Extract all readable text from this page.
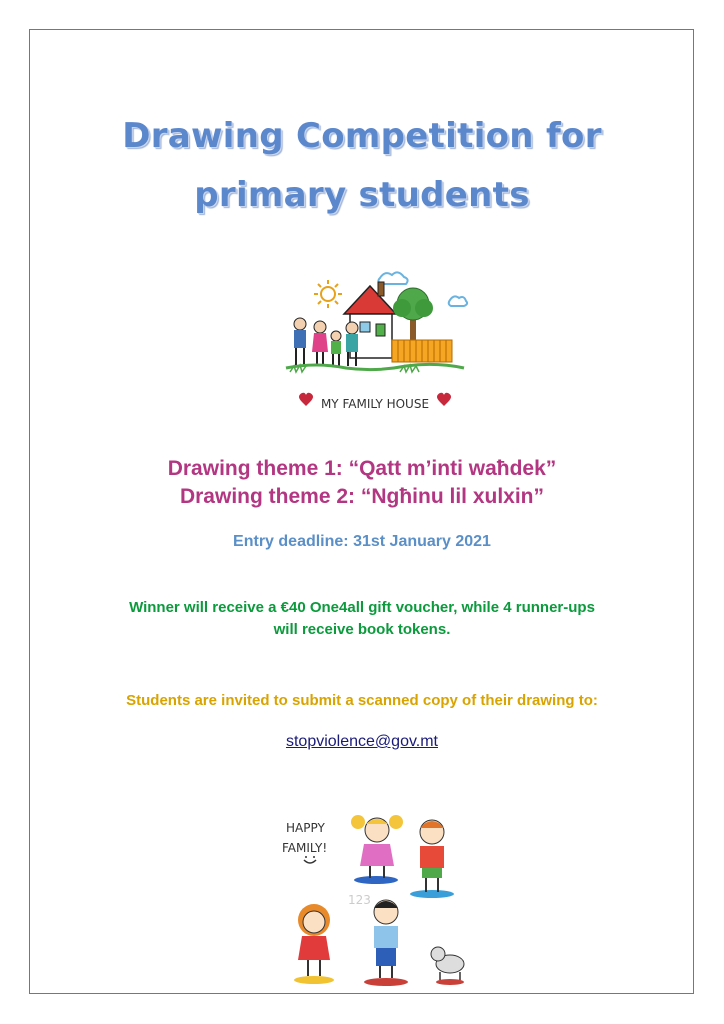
Drawing Competition for
primary students
MY FAMILY HOUSE
Drawing theme 1: “Qatt m’inti waħdek”
Drawing theme 2: “Ngħinu lil xulxin”
Entry deadline: 31st January 2021
Winner will receive a €40 One4all gift voucher, while 4 runner-ups will receive book tokens.
Students are invited to submit a scanned copy of their drawing to:
stopviolence@gov.mt
HAPPY
FAMILY!
123
